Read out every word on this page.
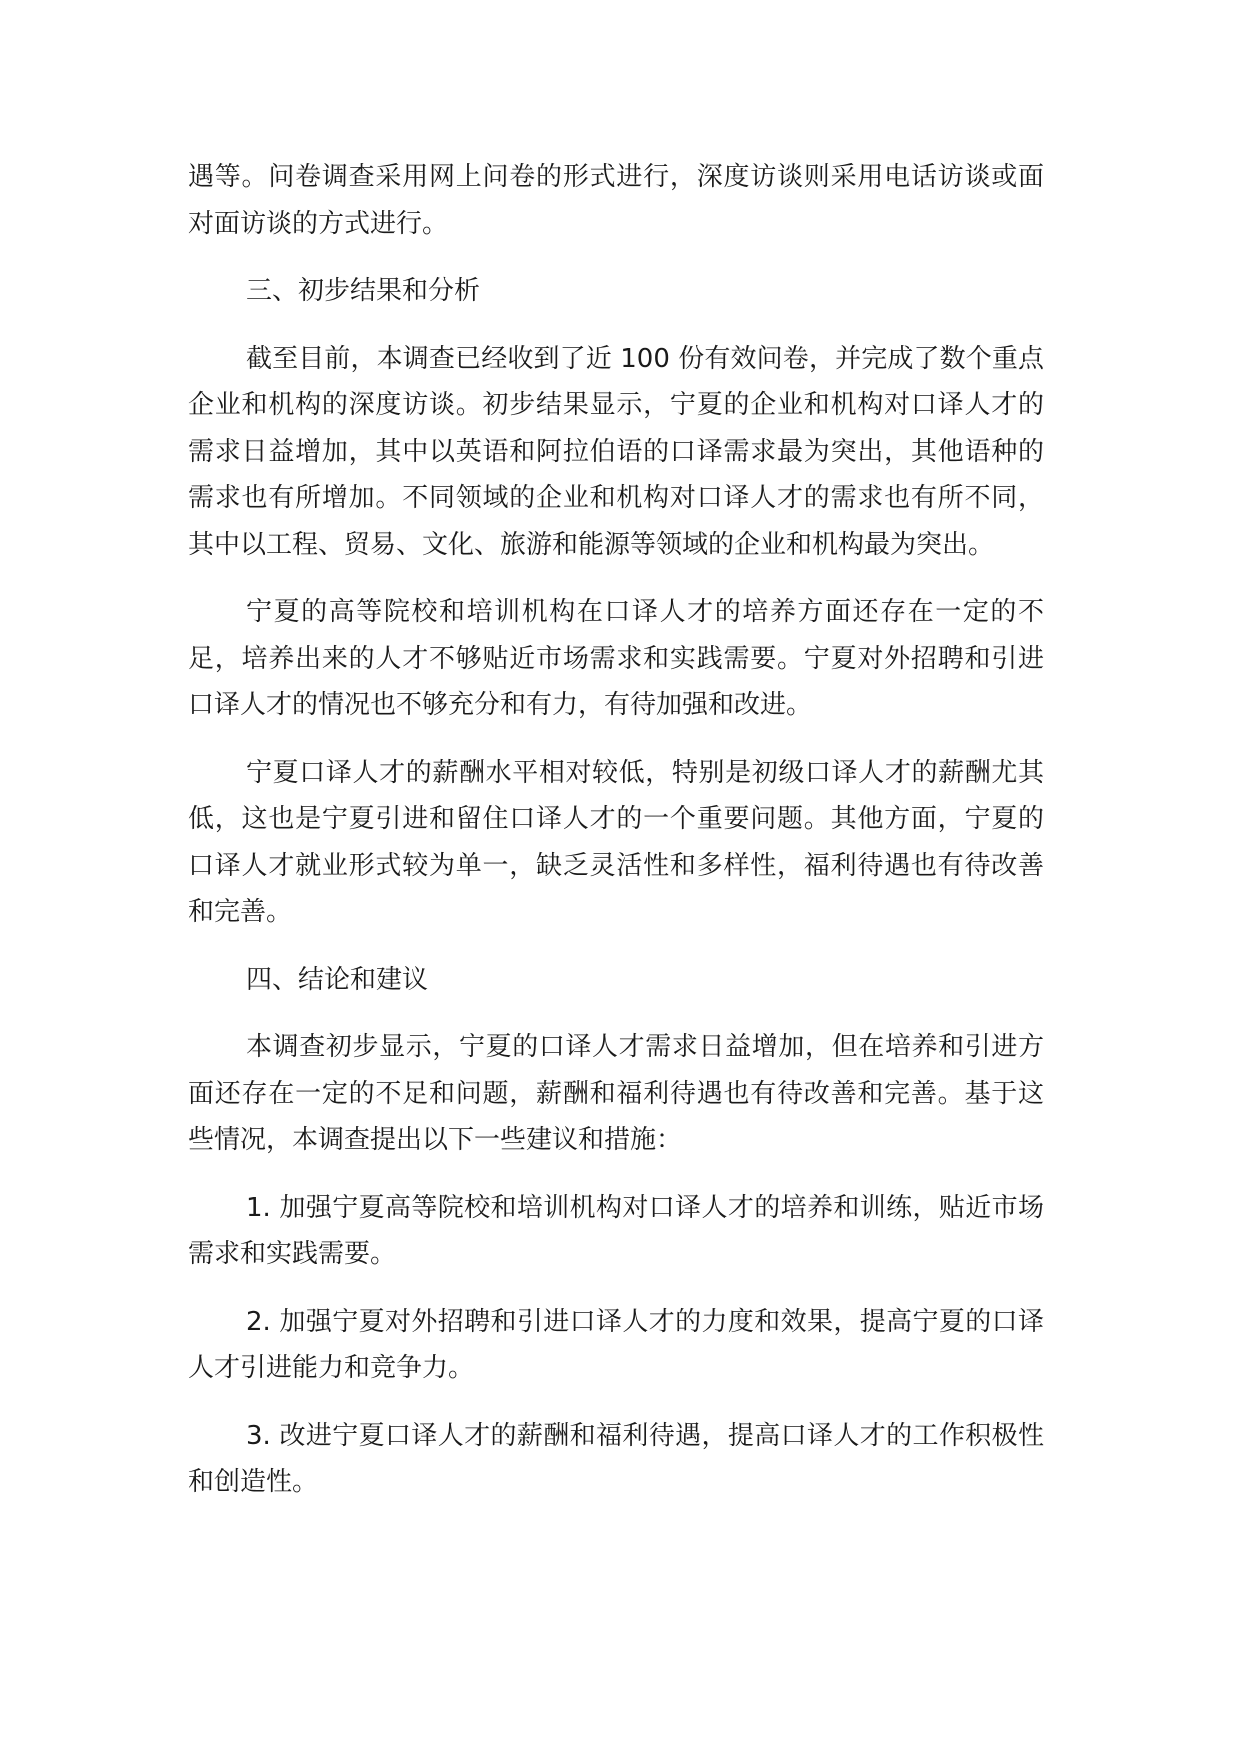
遇等。问卷调查采用网上问卷的形式进行，深度访谈则采用电话访谈或面对面访谈的方式进行。

三、初步结果和分析

截至目前，本调查已经收到了近 100 份有效问卷，并完成了数个重点企业和机构的深度访谈。初步结果显示，宁夏的企业和机构对口译人才的需求日益增加，其中以英语和阿拉伯语的口译需求最为突出，其他语种的需求也有所增加。不同领域的企业和机构对口译人才的需求也有所不同，其中以工程、贸易、文化、旅游和能源等领域的企业和机构最为突出。

宁夏的高等院校和培训机构在口译人才的培养方面还存在一定的不足，培养出来的人才不够贴近市场需求和实践需要。宁夏对外招聘和引进口译人才的情况也不够充分和有力，有待加强和改进。

宁夏口译人才的薪酬水平相对较低，特别是初级口译人才的薪酬尤其低，这也是宁夏引进和留住口译人才的一个重要问题。其他方面，宁夏的口译人才就业形式较为单一，缺乏灵活性和多样性，福利待遇也有待改善和完善。

四、结论和建议

本调查初步显示，宁夏的口译人才需求日益增加，但在培养和引进方面还存在一定的不足和问题，薪酬和福利待遇也有待改善和完善。基于这些情况，本调查提出以下一些建议和措施：

1. 加强宁夏高等院校和培训机构对口译人才的培养和训练，贴近市场需求和实践需要。

2. 加强宁夏对外招聘和引进口译人才的力度和效果，提高宁夏的口译人才引进能力和竞争力。

3. 改进宁夏口译人才的薪酬和福利待遇，提高口译人才的工作积极性和创造性。
